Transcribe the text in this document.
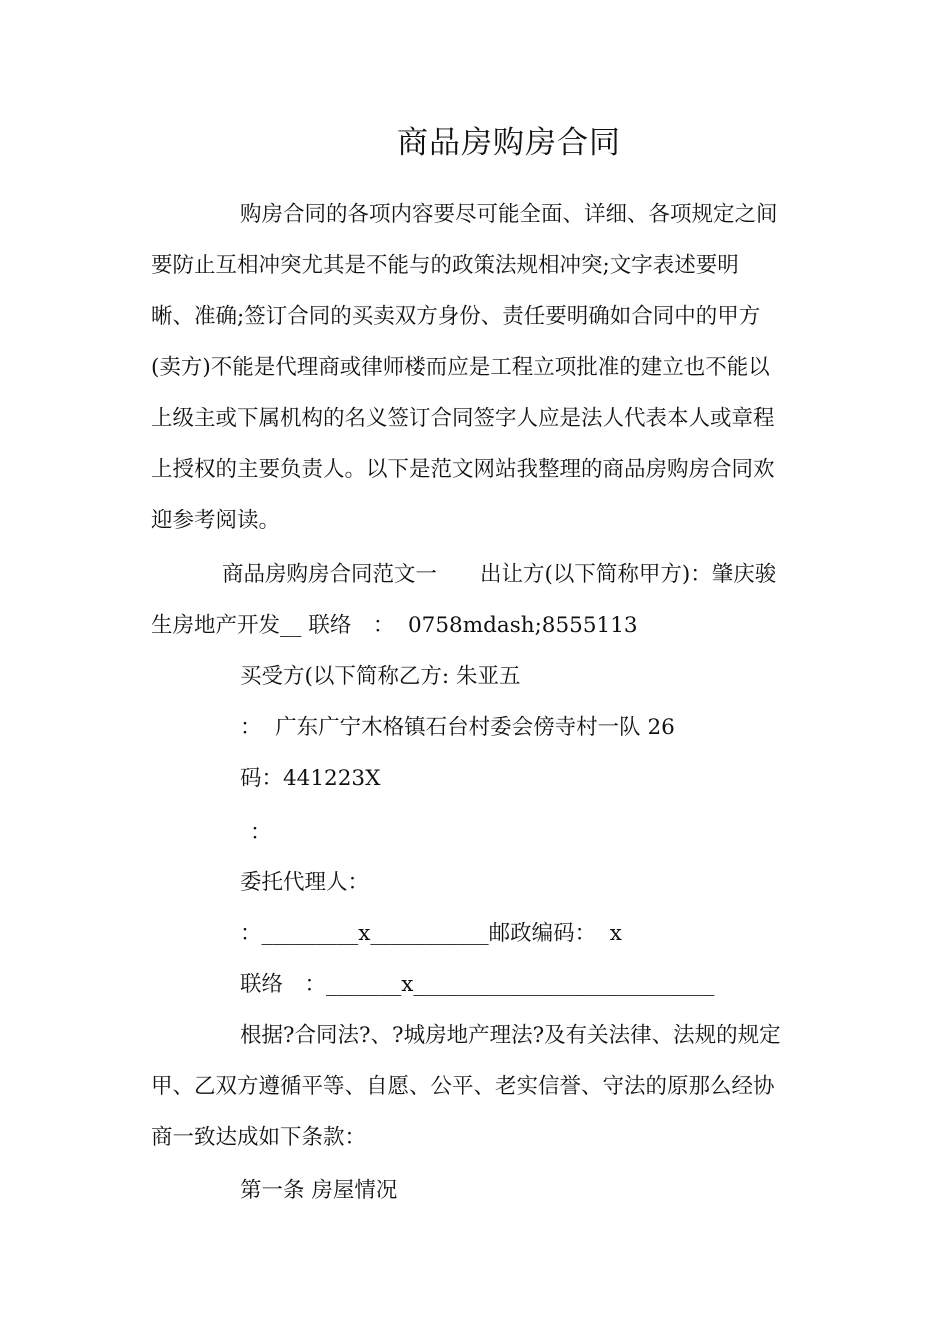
商品房购房合同
购房合同的各项内容要尽可能全面、详细、各项规定之间
要防止互相冲突尤其是不能与的政策法规相冲突;文字表述要明
晰、准确;签订合同的买卖双方身份、责任要明确如合同中的甲方
(卖方)不能是代理商或律师楼而应是工程立项批准的建立也不能以
上级主或下属机构的名义签订合同签字人应是法人代表本人或章程
上授权的主要负责人。以下是范文网站我整理的商品房购房合同欢
迎参考阅读。
商品房购房合同范文一　　出让方(以下简称甲方)：肇庆骏
生房地产开发__ 联络　：  0758mdash;8555113
买受方(以下简称乙方: 朱亚五
：  广东广宁木格镇石台村委会傍寺村一队 26
码：441223X
：
委托代理人：
：_________x___________邮政编码：  x
联络　：_______x____________________________
根据?合同法?、?城房地产理法?及有关法律、法规的规定
甲、乙双方遵循平等、自愿、公平、老实信誉、守法的原那么经协
商一致达成如下条款：
第一条 房屋情况
